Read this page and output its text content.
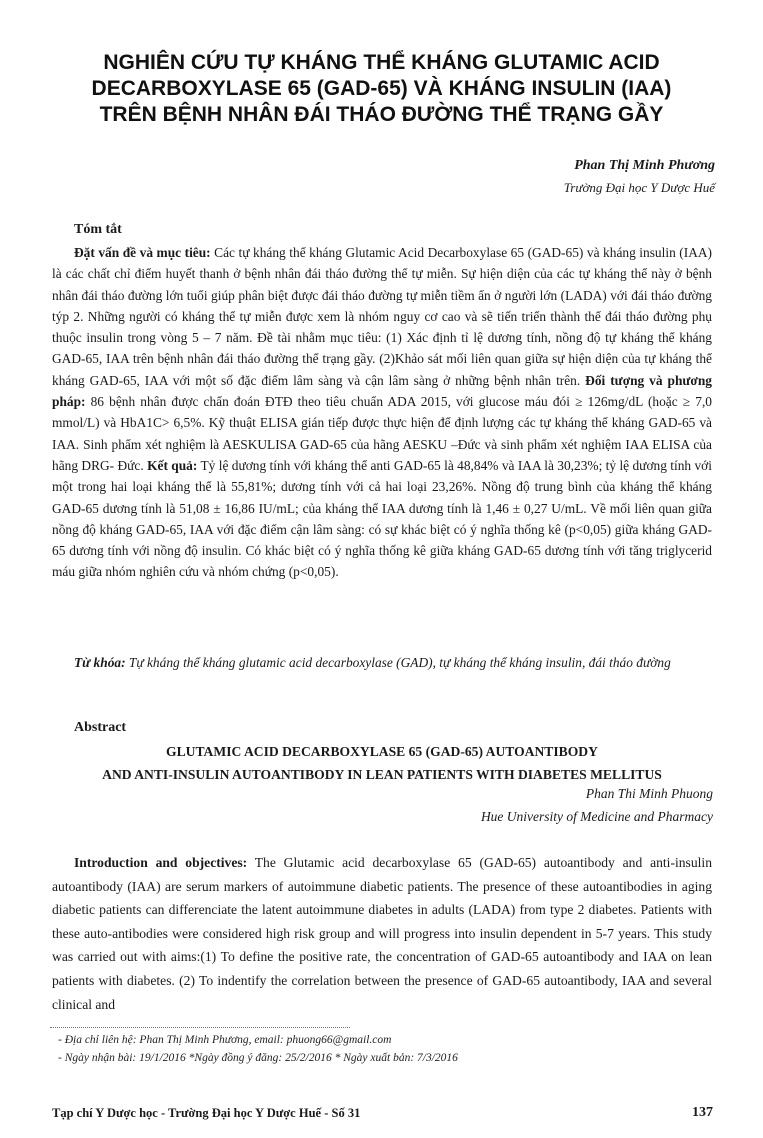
NGHIÊN CỨU TỰ KHÁNG THỂ KHÁNG GLUTAMIC ACID
DECARBOXYLASE 65 (GAD-65) VÀ KHÁNG INSULIN (IAA)
TRÊN BỆNH NHÂN ĐÁI THÁO ĐƯỜNG THỂ TRẠNG GẦY
Phan Thị Minh Phương
Trường Đại học Y Dược Huế
Tóm tắt

Đặt vấn đề và mục tiêu: Các tự kháng thể kháng Glutamic Acid Decarboxylase 65 (GAD-65) và kháng insulin (IAA) là các chất chỉ điểm huyết thanh ở bệnh nhân đái tháo đường thể tự miễn. Sự hiện diện của các tự kháng thể này ở bệnh nhân đái tháo đường lớn tuổi giúp phân biệt được đái tháo đường tự miễn tiềm ẩn ở người lớn (LADA) với đái tháo đường týp 2. Những người có kháng thể tự miễn được xem là nhóm nguy cơ cao và sẽ tiến triển thành thể đái tháo đường phụ thuộc insulin trong vòng 5 – 7 năm. Đề tài nhằm mục tiêu: (1) Xác định tỉ lệ dương tính, nồng độ tự kháng thể kháng GAD-65, IAA trên bệnh nhân đái tháo đường thể trạng gầy. (2)Khảo sát mối liên quan giữa sự hiện diện của tự kháng thể kháng GAD-65, IAA với một số đặc điểm lâm sàng và cận lâm sàng ở những bệnh nhân trên. Đối tượng và phương pháp: 86 bệnh nhân được chẩn đoán ĐTĐ theo tiêu chuẩn ADA 2015, với glucose máu đói ≥ 126mg/dL (hoặc ≥ 7,0 mmol/L) và HbA1C> 6,5%. Kỹ thuật ELISA gián tiếp được thực hiện để định lượng các tự kháng thể kháng GAD-65 và IAA. Sinh phẩm xét nghiệm là AESKULISA GAD-65 của hãng AESKU –Đức và sinh phẩm xét nghiệm IAA ELISA của hãng DRG- Đức. Kết quả: Tỷ lệ dương tính với kháng thể anti GAD-65 là 48,84% và IAA là 30,23%; tỷ lệ dương tính với một trong hai loại kháng thể là 55,81%; dương tính với cả hai loại 23,26%. Nồng độ trung bình của kháng thể kháng GAD-65 dương tính là 51,08 ± 16,86 IU/mL; của kháng thể IAA dương tính là 1,46 ± 0,27 U/mL. Về mối liên quan giữa nồng độ kháng GAD-65, IAA với đặc điểm cận lâm sàng: có sự khác biệt có ý nghĩa thống kê (p<0,05) giữa kháng GAD-65 dương tính với nồng độ insulin. Có khác biệt có ý nghĩa thống kê giữa kháng GAD-65 dương tính với tăng triglycerid máu giữa nhóm nghiên cứu và nhóm chứng (p<0,05).

Từ khóa: Tự kháng thể kháng glutamic acid decarboxylase (GAD), tự kháng thể kháng insulin, đái tháo đường

Abstract
GLUTAMIC ACID DECARBOXYLASE 65 (GAD-65) AUTOANTIBODY
AND ANTI-INSULIN AUTOANTIBODY IN LEAN PATIENTS WITH DIABETES MELLITUS
Phan Thi Minh Phuong
Hue University of Medicine and Pharmacy

Introduction and objectives: The Glutamic acid decarboxylase 65 (GAD-65) autoantibody and anti-insulin autoantibody (IAA) are serum markers of autoimmune diabetic patients. The presence of these autoantibodies in aging diabetic patients can differenciate the latent autoimmune diabetes in adults (LADA) from type 2 diabetes. Patients with these auto-antibodies were considered high risk group and will progress into insulin dependent in 5-7 years. This study was carried out with aims:(1) To define the positive rate, the concentration of GAD-65 autoantibody and IAA on lean patients with diabetes. (2) To indentify the correlation between the presence of GAD-65 autoantibody, IAA and several clinical and

- Địa chỉ liên hệ: Phan Thị Minh Phương, email: phuong66@gmail.com
- Ngày nhận bài: 19/1/2016 *Ngày đồng ý đăng: 25/2/2016 * Ngày xuất bản: 7/3/2016
Tạp chí Y Dược học - Trường Đại học Y Dược Huế - Số 31	137
